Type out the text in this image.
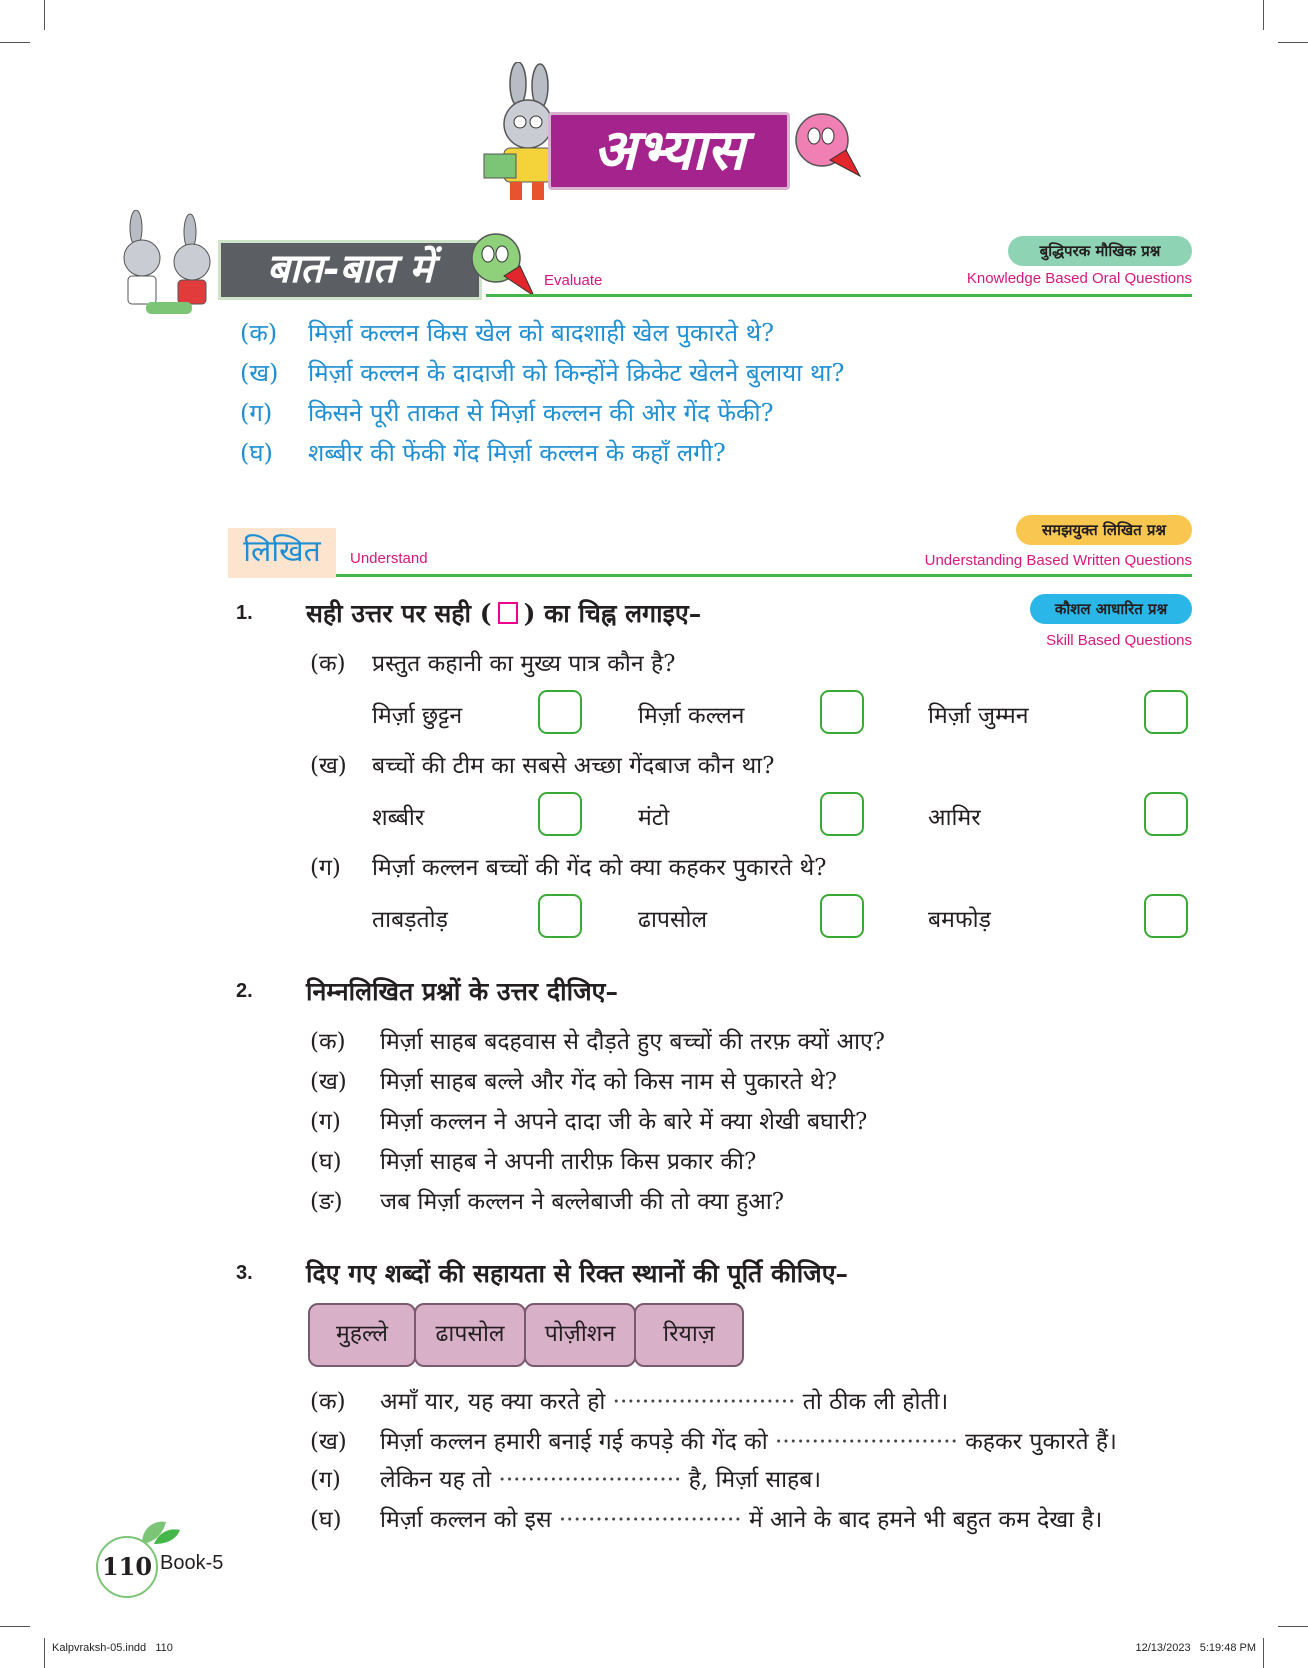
अभ्यास
बात-बात में	Evaluate
बुद्धिपरक मौखिक प्रश्न
Knowledge Based Oral Questions
(क) मिर्ज़ा कल्लन किस खेल को बादशाही खेल पुकारते थे?
(ख) मिर्ज़ा कल्लन के दादाजी को किन्होंने क्रिकेट खेलने बुलाया था?
(ग) किसने पूरी ताकत से मिर्ज़ा कल्लन की ओर गेंद फेंकी?
(घ) शब्बीर की फेंकी गेंद मिर्ज़ा कल्लन के कहाँ लगी?
लिखित	Understand
समझयुक्त लिखित प्रश्न
Understanding Based Written Questions
1. सही उत्तर पर सही ( ) का चिह्न लगाइए–	कौशल आधारित प्रश्न
Skill Based Questions
(क) प्रस्तुत कहानी का मुख्य पात्र कौन है?
मिर्ज़ा छुट्टन	मिर्ज़ा कल्लन	मिर्ज़ा जुम्मन
(ख) बच्चों की टीम का सबसे अच्छा गेंदबाज कौन था?
शब्बीर	मंटो	आमिर
(ग) मिर्ज़ा कल्लन बच्चों की गेंद को क्या कहकर पुकारते थे?
ताबड़तोड़	ढापसोल	बमफोड़
2. निम्नलिखित प्रश्नों के उत्तर दीजिए–
(क) मिर्ज़ा साहब बदहवास से दौड़ते हुए बच्चों की तरफ़ क्यों आए?
(ख) मिर्ज़ा साहब बल्ले और गेंद को किस नाम से पुकारते थे?
(ग) मिर्ज़ा कल्लन ने अपने दादा जी के बारे में क्या शेखी बघारी?
(घ) मिर्ज़ा साहब ने अपनी तारीफ़ किस प्रकार की?
(ङ) जब मिर्ज़ा कल्लन ने बल्लेबाजी की तो क्या हुआ?
3. दिए गए शब्दों की सहायता से रिक्त स्थानों की पूर्ति कीजिए–
मुहल्ले	ढापसोल	पोज़ीशन	रियाज़
(क) अमाँ यार, यह क्या करते हो ························· तो ठीक ली होती।
(ख) मिर्ज़ा कल्लन हमारी बनाई गई कपड़े की गेंद को ························· कहकर पुकारते हैं।
(ग) लेकिन यह तो ························· है, मिर्ज़ा साहब।
(घ) मिर्ज़ा कल्लन को इस ························· में आने के बाद हमने भी बहुत कम देखा है।
110 Book-5
Kalpvraksh-05.indd   110	12/13/2023   5:19:48 PM
